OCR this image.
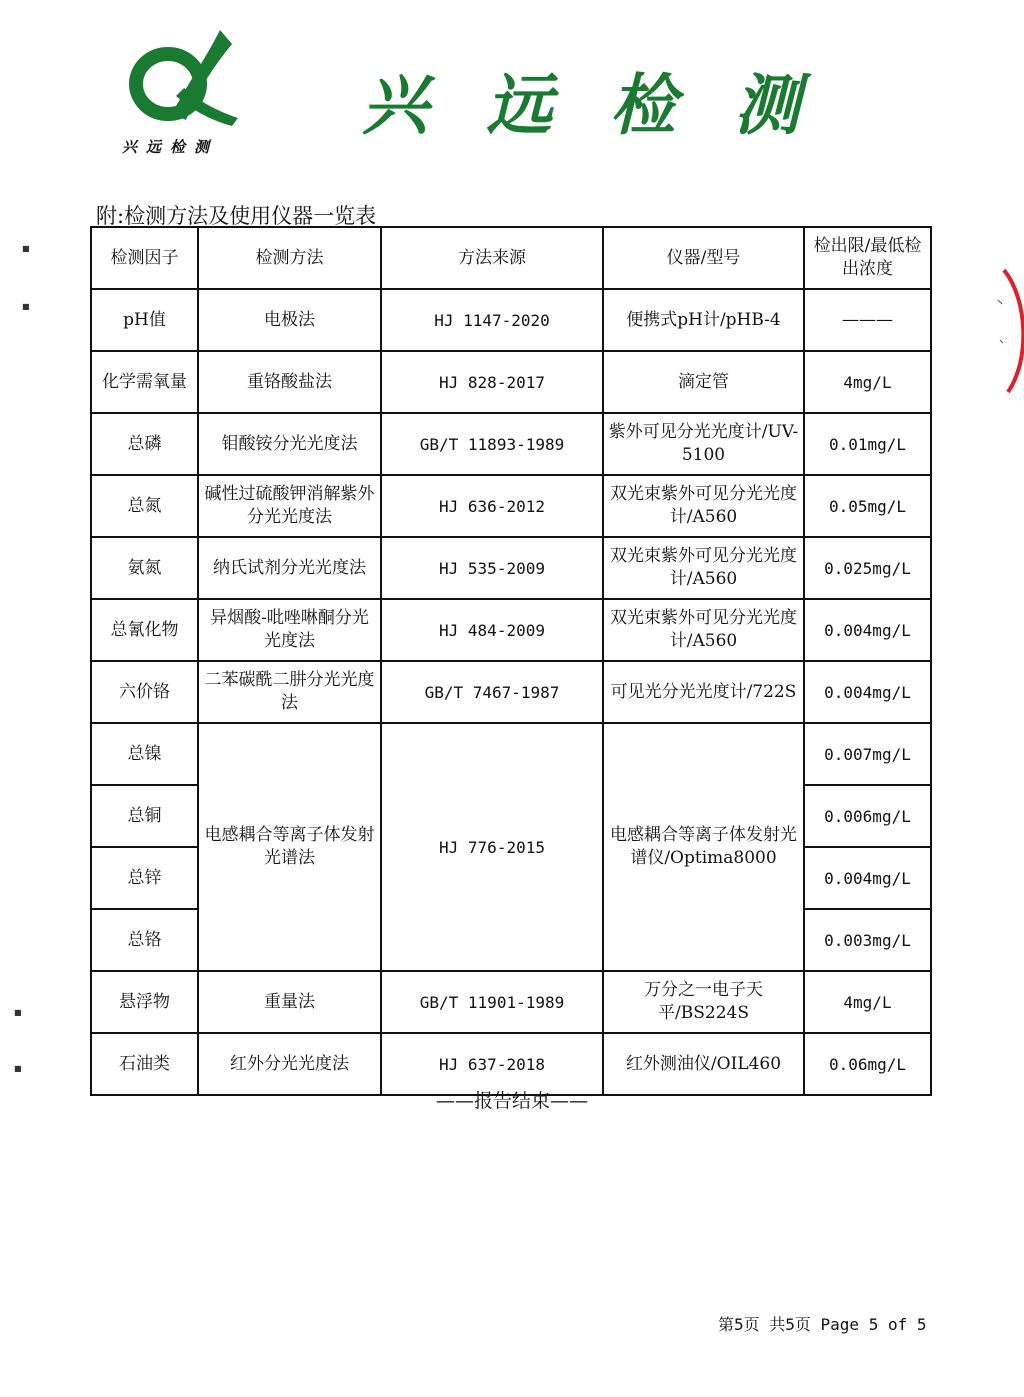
兴远检测
兴 远 检 测
附:检测方法及使用仪器一览表
检测因子	检测方法	方法来源	仪器/型号	检出限/最低检出浓度
pH值	电极法	HJ 1147-2020	便携式pH计/pHB-4	———
化学需氧量	重铬酸盐法	HJ 828-2017	滴定管	4mg/L
总磷	钼酸铵分光光度法	GB/T 11893-1989	紫外可见分光光度计/UV-5100	0.01mg/L
总氮	碱性过硫酸钾消解紫外分光光度法	HJ 636-2012	双光束紫外可见分光光度计/A560	0.05mg/L
氨氮	纳氏试剂分光光度法	HJ 535-2009	双光束紫外可见分光光度计/A560	0.025mg/L
总氰化物	异烟酸-吡唑啉酮分光光度法	HJ 484-2009	双光束紫外可见分光光度计/A560	0.004mg/L
六价铬	二苯碳酰二肼分光光度法	GB/T 7467-1987	可见光分光光度计/722S	0.004mg/L
总镍	电感耦合等离子体发射光谱法	HJ 776-2015	电感耦合等离子体发射光谱仪/Optima8000	0.007mg/L
总铜				0.006mg/L
总锌				0.004mg/L
总铬				0.003mg/L
悬浮物	重量法	GB/T 11901-1989	万分之一电子天平/BS224S	4mg/L
石油类	红外分光光度法	HJ 637-2018	红外测油仪/OIL460	0.06mg/L
——报告结束——
第5页 共5页 Page 5 of 5
■
■
■
■
